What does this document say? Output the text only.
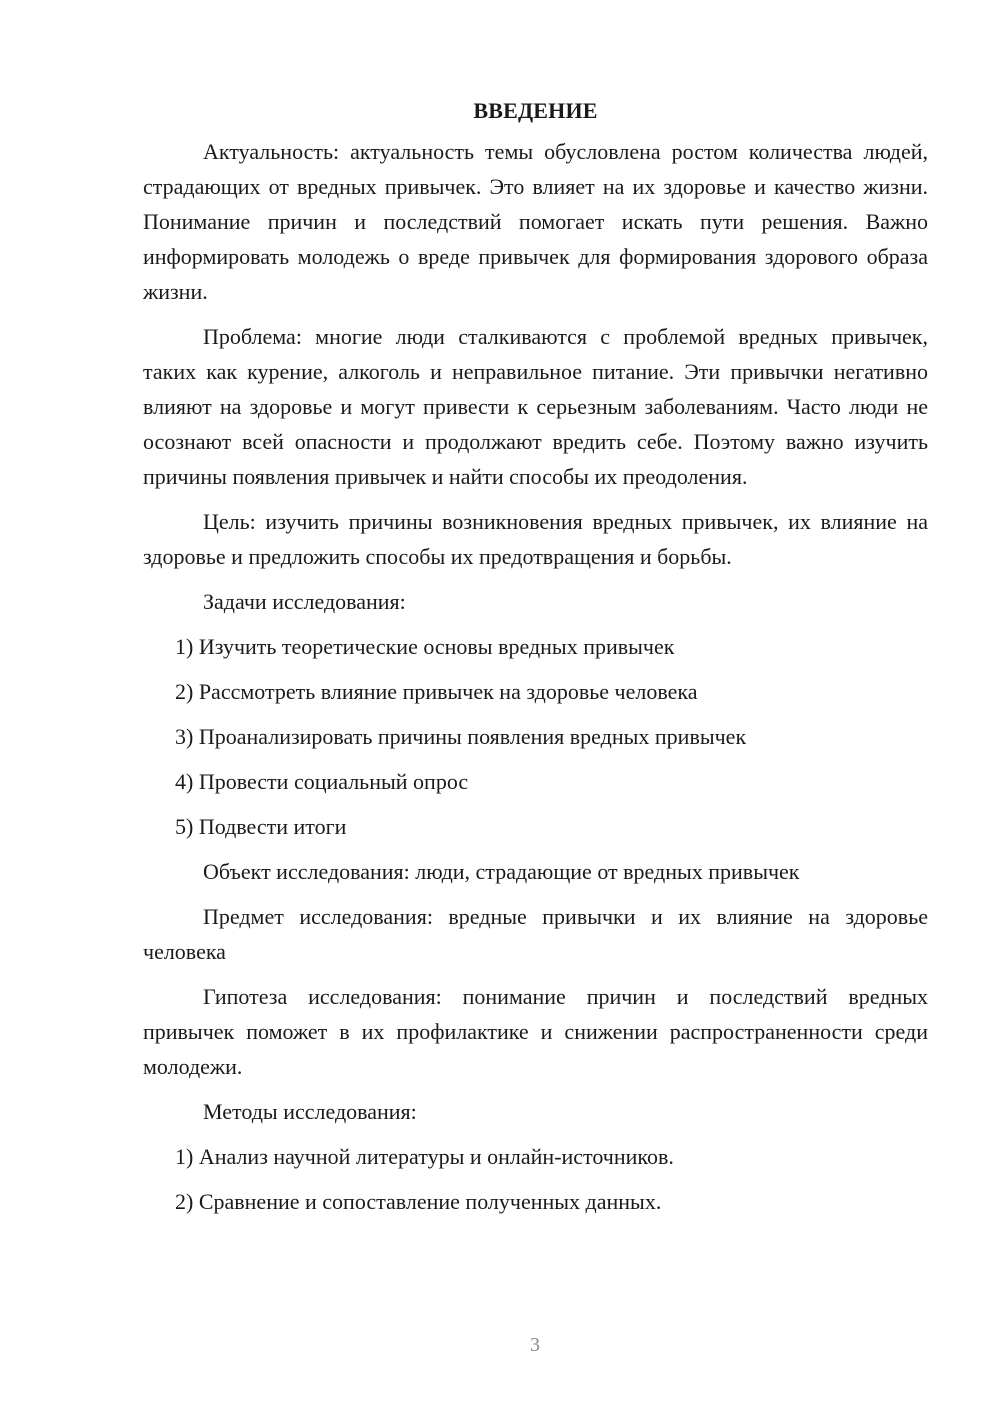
ВВЕДЕНИЕ

Актуальность: актуальность темы обусловлена ростом количества людей, страдающих от вредных привычек. Это влияет на их здоровье и качество жизни. Понимание причин и последствий помогает искать пути решения. Важно информировать молодежь о вреде привычек для формирования здорового образа жизни.

Проблема: многие люди сталкиваются с проблемой вредных привычек, таких как курение, алкоголь и неправильное питание. Эти привычки негативно влияют на здоровье и могут привести к серьезным заболеваниям. Часто люди не осознают всей опасности и продолжают вредить себе. Поэтому важно изучить причины появления привычек и найти способы их преодоления.

Цель: изучить причины возникновения вредных привычек, их влияние на здоровье и предложить способы их предотвращения и борьбы.

Задачи исследования:
1) Изучить теоретические основы вредных привычек
2) Рассмотреть влияние привычек на здоровье человека
3) Проанализировать причины появления вредных привычек
4) Провести социальный опрос
5) Подвести итоги
Объект исследования: люди, страдающие от вредных привычек

Предмет исследования: вредные привычки и их влияние на здоровье человека

Гипотеза исследования: понимание причин и последствий вредных привычек поможет в их профилактике и снижении распространенности среди молодежи.

Методы исследования:
1) Анализ научной литературы и онлайн-источников.
2) Сравнение и сопоставление полученных данных.
3
